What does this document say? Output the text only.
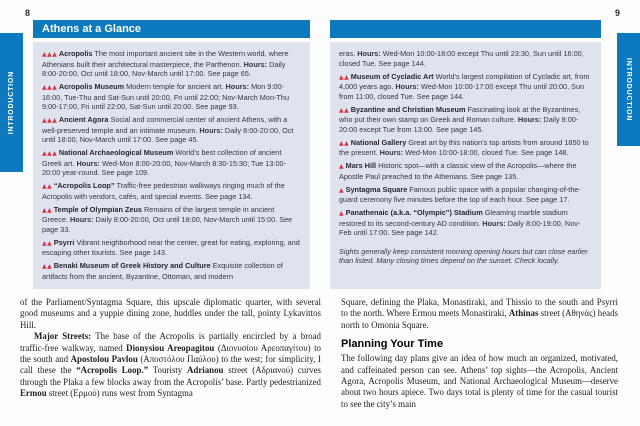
8	9
INTRODUCTION	INTRODUCTION
Athens at a Glance

▲▲▲ Acropolis The most important ancient site in the Western world, where Athenians built their architectural masterpiece, the Parthenon. Hours: Daily 8:00-20:00, Oct until 18:00, Nov-March until 17:00. See page 65.

▲▲▲ Acropolis Museum Modern temple for ancient art. Hours: Mon 9:00-16:00, Tue-Thu and Sat-Sun until 20:00, Fri until 22:00; Nov-March Mon-Thu 9:00-17:00, Fri until 22:00, Sat-Sun until 20:00. See page 93.

▲▲▲ Ancient Agora Social and commercial center of ancient Athens, with a well-preserved temple and an intimate museum. Hours: Daily 8:00-20:00, Oct until 18:00, Nov-March until 17:00. See page 45.

▲▲▲ National Archaeological Museum World’s best collection of ancient Greek art. Hours: Wed-Mon 8:00-20:00, Nov-March 8:30-15:30; Tue 13:00-20:00 year-round. See page 109.

▲▲ “Acropolis Loop” Traffic-free pedestrian walkways ringing much of the Acropolis with vendors, cafés, and special events. See page 134.

▲▲ Temple of Olympian Zeus Remains of the largest temple in ancient Greece. Hours: Daily 8:00-20:00, Oct until 18:00, Nov-March until 15:00. See page 33.

▲▲ Psyrri Vibrant neighborhood near the center, great for eating, exploring, and escaping other tourists. See page 143.

▲▲ Benaki Museum of Greek History and Culture Exquisite collection of artifacts from the ancient, Byzantine, Ottoman, and modern

eras. Hours: Wed-Mon 10:00-18:00 except Thu until 23:30, Sun until 16:00, closed Tue. See page 144.

▲▲ Museum of Cycladic Art World’s largest compilation of Cycladic art, from 4,000 years ago. Hours: Wed-Mon 10:00-17:00 except Thu until 20:00, Sun from 11:00, closed Tue. See page 144.

▲▲ Byzantine and Christian Museum Fascinating look at the Byzantines, who put their own stamp on Greek and Roman culture. Hours: Daily 8:00-20:00 except Tue from 13:00. See page 145.

▲▲ National Gallery Great art by this nation’s top artists from around 1850 to the present. Hours: Wed-Mon 10:00-18:00, closed Tue. See page 148.

▲ Mars Hill Historic spot—with a classic view of the Acropolis—where the Apostle Paul preached to the Athenians. See page 135.

▲ Syntagma Square Famous public space with a popular changing-of-the-guard ceremony five minutes before the top of each hour. See page 17.

▲ Panathenaic (a.k.a. “Olympic”) Stadium Gleaming marble stadium restored to its second-century AD condition. Hours: Daily 8:00-19:00, Nov-Feb until 17:00. See page 142.

Sights generally keep consistent morning opening hours but can close earlier than listed. Many closing times depend on the sunset. Check locally.

of the Parliament/Syntagma Square, this upscale diplomatic quarter, with several good museums and a yuppie dining zone, huddles under the tall, pointy Lykavittos Hill.

Major Streets: The base of the Acropolis is partially encircled by a broad traffic-free walkway, named Dionysiou Areopagitou (Διονυσίου Αρεοπαγίτου) to the south and Apostolou Pavlou (Αποστόλου Παύλου) to the west; for simplicity, I call these the “Acropolis Loop.” Touristy Adrianou street (Αδριανού) curves through the Plaka a few blocks away from the Acropolis’ base. Partly pedestrianized Ermou street (Ερμού) runs west from Syntagma

Square, defining the Plaka, Monastiraki, and Thissio to the south and Psyrri to the north. Where Ermou meets Monastiraki, Athinas street (Αθηνάς) heads north to Omonia Square.

Planning Your Time

The following day plans give an idea of how much an organized, motivated, and caffeinated person can see. Athens’ top sights—the Acropolis, Ancient Agora, Acropolis Museum, and National Archaeological Museum—deserve about two hours apiece. Two days total is plenty of time for the casual tourist to see the city’s main
